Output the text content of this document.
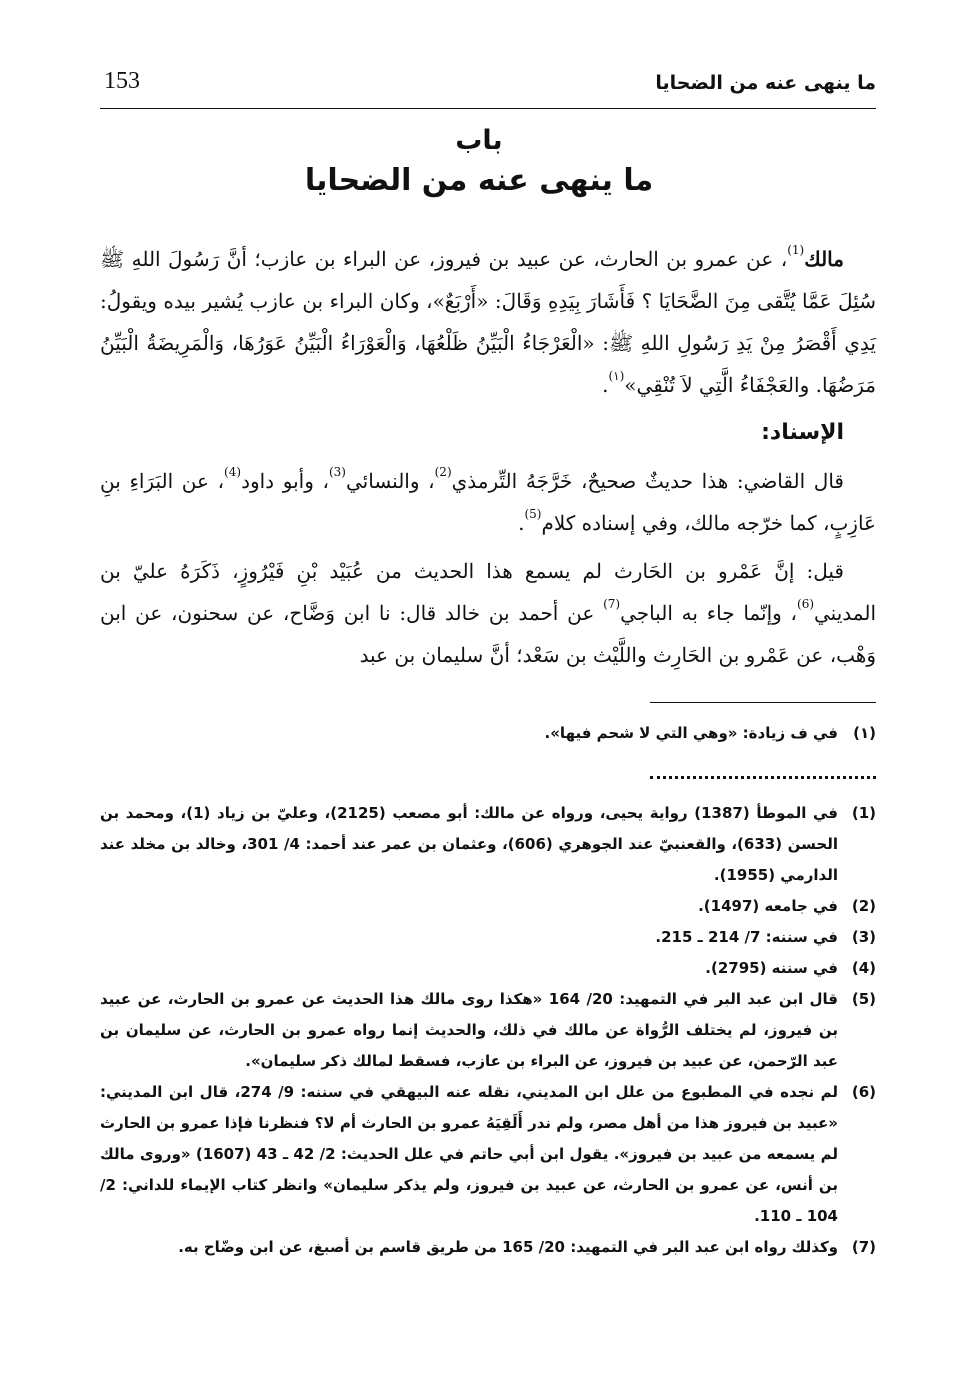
ما ينهى عنه من الضحايا
153
باب
ما ينهى عنه من الضحايا

مالك$^{(1)}$، عن عمرو بن الحارث، عن عبيد بن فيروز، عن البراء بن عازب؛ أنَّ رَسُولَ اللهِ ﷺ سُئِلَ عَمَّا يُتَّقى مِنَ الضَّحَايَا ؟ فَأَشَارَ بِيَدِهِ وَقَالَ: «أَرْبَعٌ»، وكان البراء بن عازب يُشير بيده ويقولُ: يَدِي أَقْصَرُ مِنْ يَدِ رَسُولِ اللهِ ﷺ: «الْعَرْجَاءُ الْبَيِّنُ ظَلْعُهَا، وَالْعَوْرَاءُ الْبَيِّنُ عَوَرُهَا، وَالْمَرِيضَةُ الْبَيِّنُ مَرَضُهَا. والعَجْفَاءُ الَّتِي لاَ تُنْقِي»$^{(١)}$.

الإسناد:

قال القاضي: هذا حديثٌ صحيحٌ، خَرَّجَهُ التِّرمذي$^{(2)}$، والنسائي$^{(3)}$، وأبو داود$^{(4)}$، عن البَرَاءِ بنِ عَازِبٍ، كما خرّجه مالك، وفي إسناده كلام$^{(5)}$.

قيل: إنَّ عَمْرو بن الحَارث لم يسمع هذا الحديث من عُبَيْد بْنِ فَيْرُوزٍ، ذَكَرَهُ عليّ بن المديني$^{(6)}$، وإنّما جاء به الباجي$^{(7)}$ عن أحمد بن خالد قال: نا ابن وَضَّاح، عن سحنون، عن ابن وَهْب، عن عَمْرو بن الحَارِث واللَّيْث بن سَعْد؛ أنَّ سليمان بن عبد

(١)
في ف زيادة: «وهي التي لا شحم فيها».
(1)
في الموطأ (1387) رواية يحيى، ورواه عن مالك: أبو مصعب (2125)، وعليّ بن زياد (1)، ومحمد بن الحسن (633)، والقعنبيّ عند الجوهري (606)، وعثمان بن عمر عند أحمد: 4/ 301، وخالد بن مخلد عند الدارمي (1955).
(2)
في جامعه (1497).
(3)
في سننه: 7/ 214 ـ 215.
(4)
في سننه (2795).
(5)
قال ابن عبد البر في التمهيد: 20/ 164 «هكذا روى مالك هذا الحديث عن عمرو بن الحارث، عن عبيد بن فيروز، لم يختلف الرُّواة عن مالك في ذلك، والحديث إنما رواه عمرو بن الحارث، عن سليمان بن عبد الرّحمن، عن عبيد بن فيروز، عن البراء بن عازب، فسقط لمالك ذكر سليمان».
(6)
لم نجده في المطبوع من علل ابن المديني، نقله عنه البيهقي في سننه: 9/ 274، قال ابن المديني: «عبيد بن فيروز هذا من أهل مصر، ولم ندر أَلَقِيَهُ عمرو بن الحارث أم لا؟ فنظرنا فإذا عمرو بن الحارث لم يسمعه من عبيد بن فيروز». يقول ابن أبي حاتم في علل الحديث: 2/ 42 ـ 43 (1607) «وروى مالك بن أنس، عن عمرو بن الحارث، عن عبيد بن فيروز، ولم يذكر سليمان» وانظر كتاب الإيماء للداني: 2/ 104 ـ 110.
(7)
وكذلك رواه ابن عبد البر في التمهيد: 20/ 165 من طريق قاسم بن أصبغ، عن ابن وضّاح به.
